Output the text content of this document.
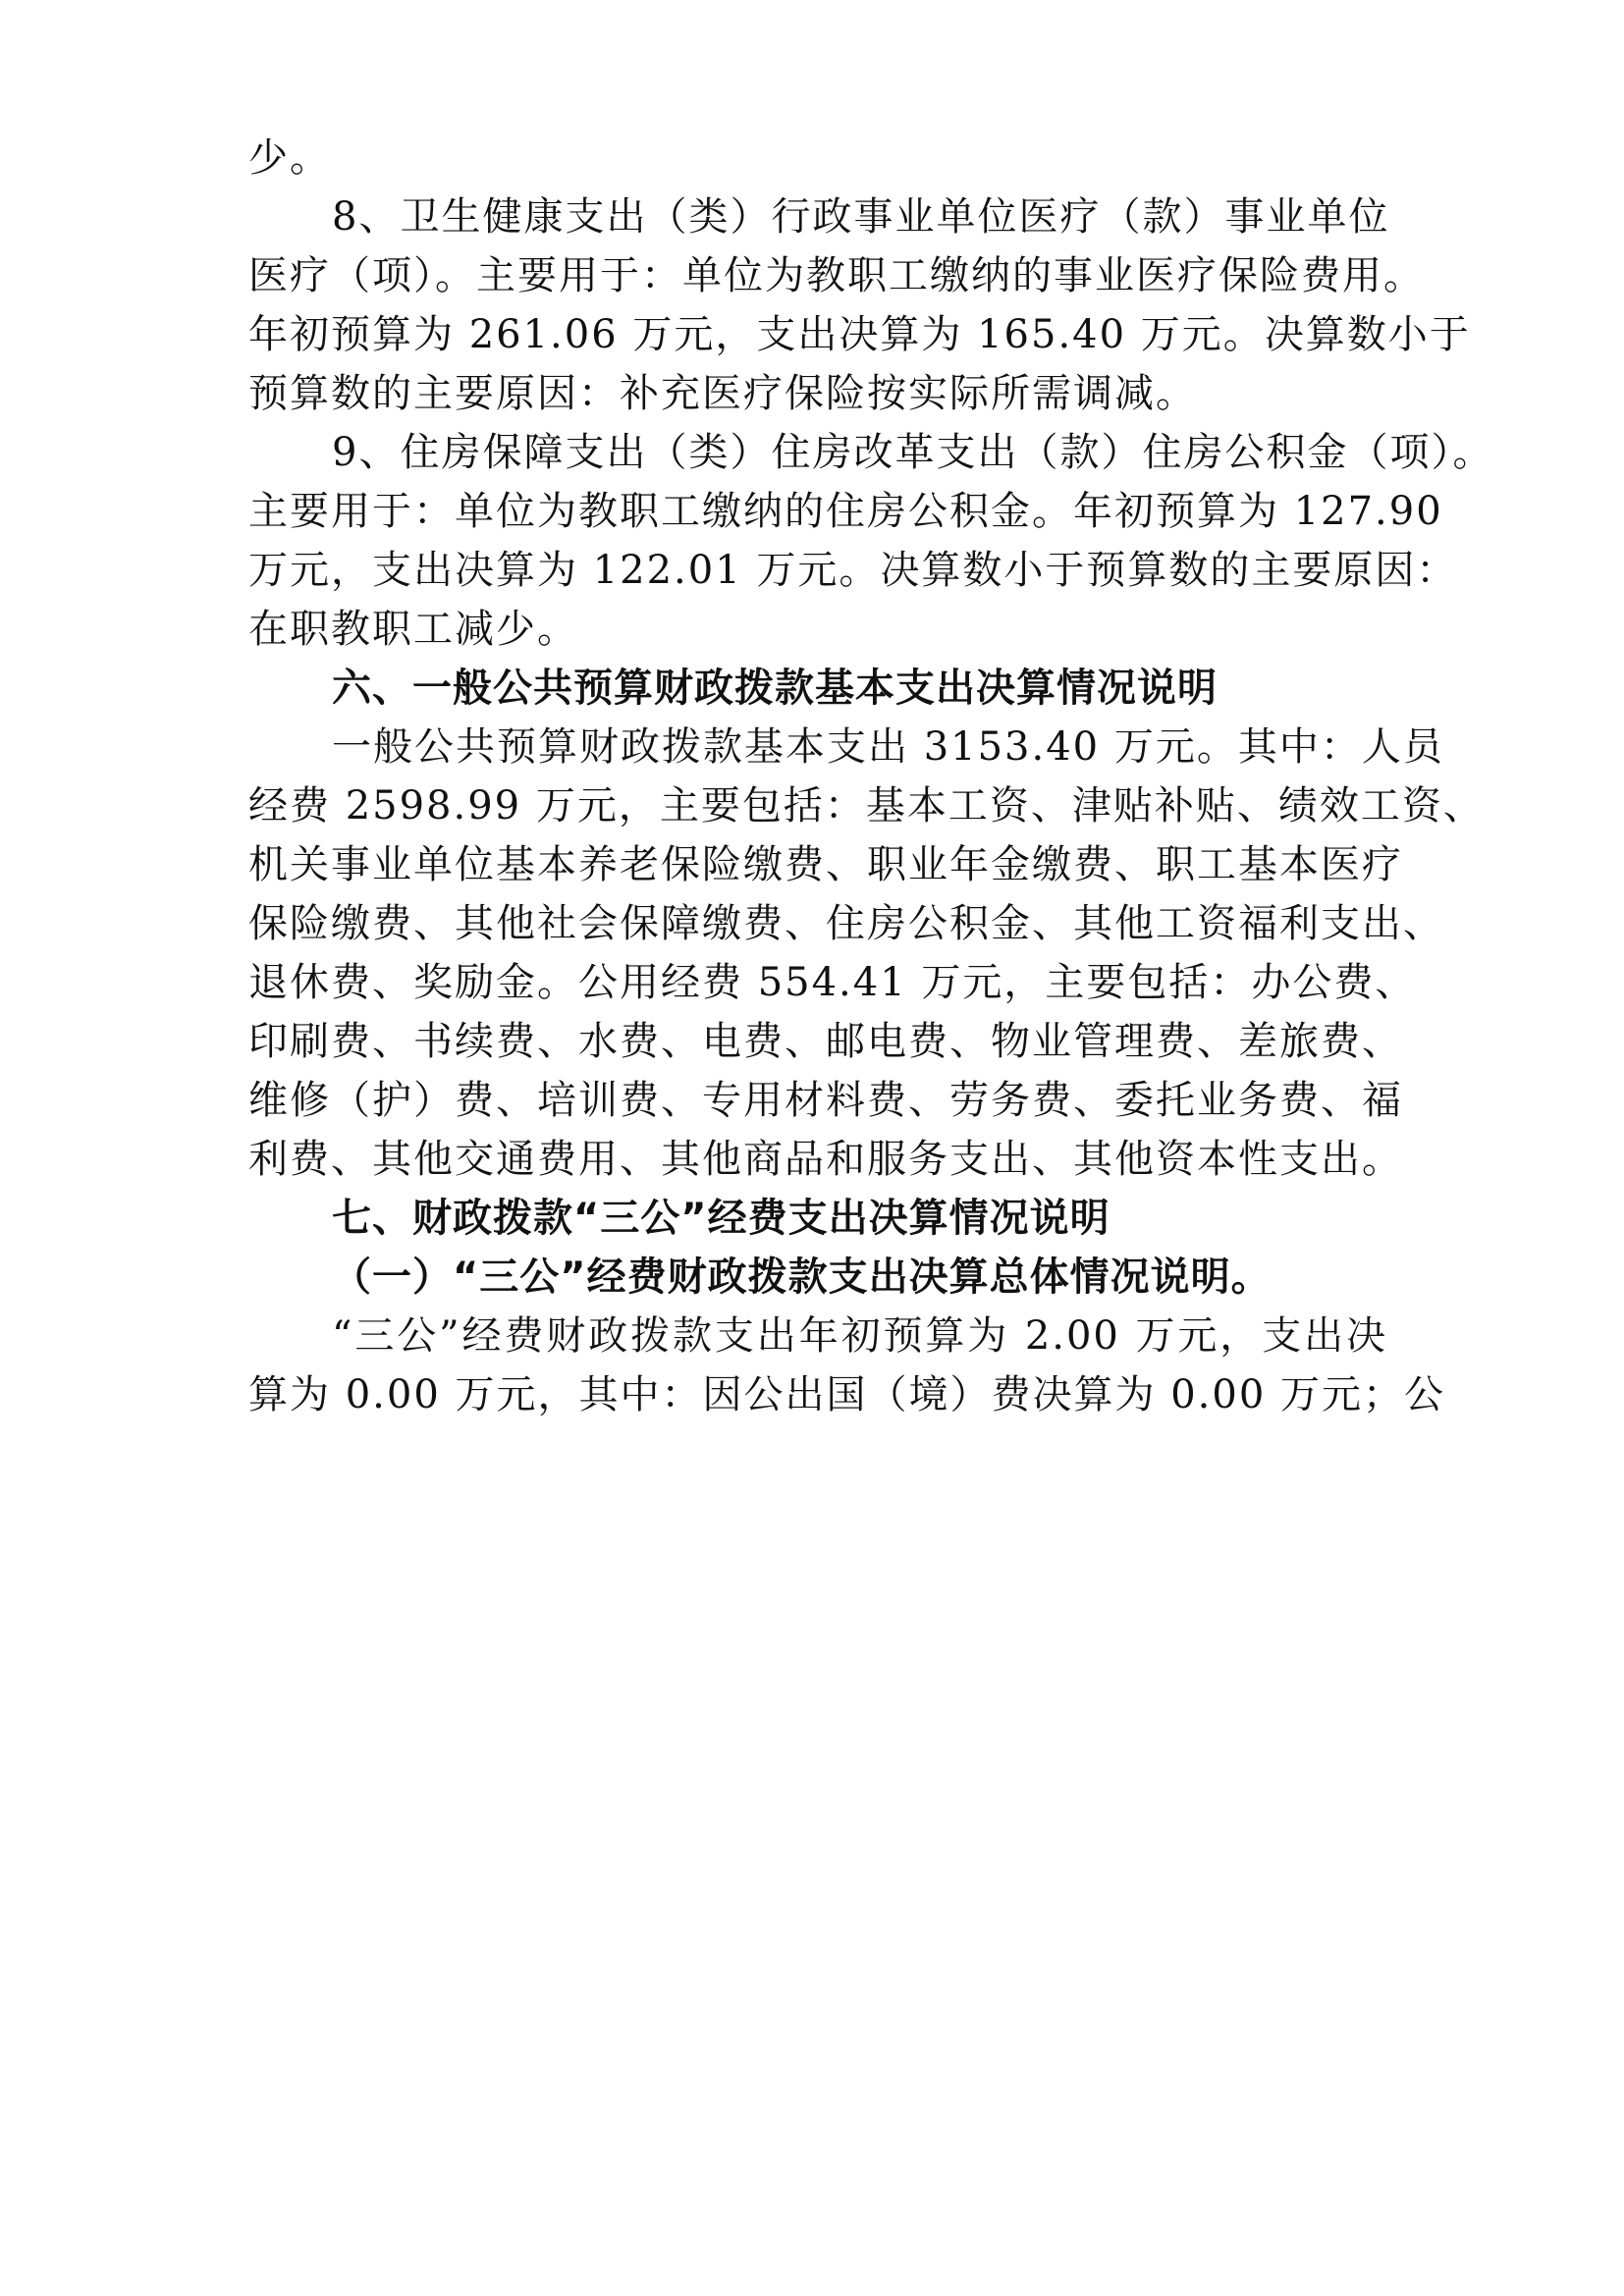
少。
8、卫生健康支出（类）行政事业单位医疗（款）事业单位
医疗（项）。主要用于：单位为教职工缴纳的事业医疗保险费用。
年初预算为 261.06 万元，支出决算为 165.40 万元。决算数小于
预算数的主要原因：补充医疗保险按实际所需调减。
9、住房保障支出（类）住房改革支出（款）住房公积金（项）。
主要用于：单位为教职工缴纳的住房公积金。年初预算为 127.90
万元，支出决算为 122.01 万元。决算数小于预算数的主要原因：
在职教职工减少。
六、一般公共预算财政拨款基本支出决算情况说明
一般公共预算财政拨款基本支出 3153.40 万元。其中：人员
经费 2598.99 万元，主要包括：基本工资、津贴补贴、绩效工资、
机关事业单位基本养老保险缴费、职业年金缴费、职工基本医疗
保险缴费、其他社会保障缴费、住房公积金、其他工资福利支出、
退休费、奖励金。公用经费 554.41 万元，主要包括：办公费、
印刷费、书续费、水费、电费、邮电费、物业管理费、差旅费、
维修（护）费、培训费、专用材料费、劳务费、委托业务费、福
利费、其他交通费用、其他商品和服务支出、其他资本性支出。
七、财政拨款“三公”经费支出决算情况说明
（一）“三公”经费财政拨款支出决算总体情况说明。
“三公”经费财政拨款支出年初预算为 2.00 万元，支出决
算为 0.00 万元，其中：因公出国（境）费决算为 0.00 万元；公
